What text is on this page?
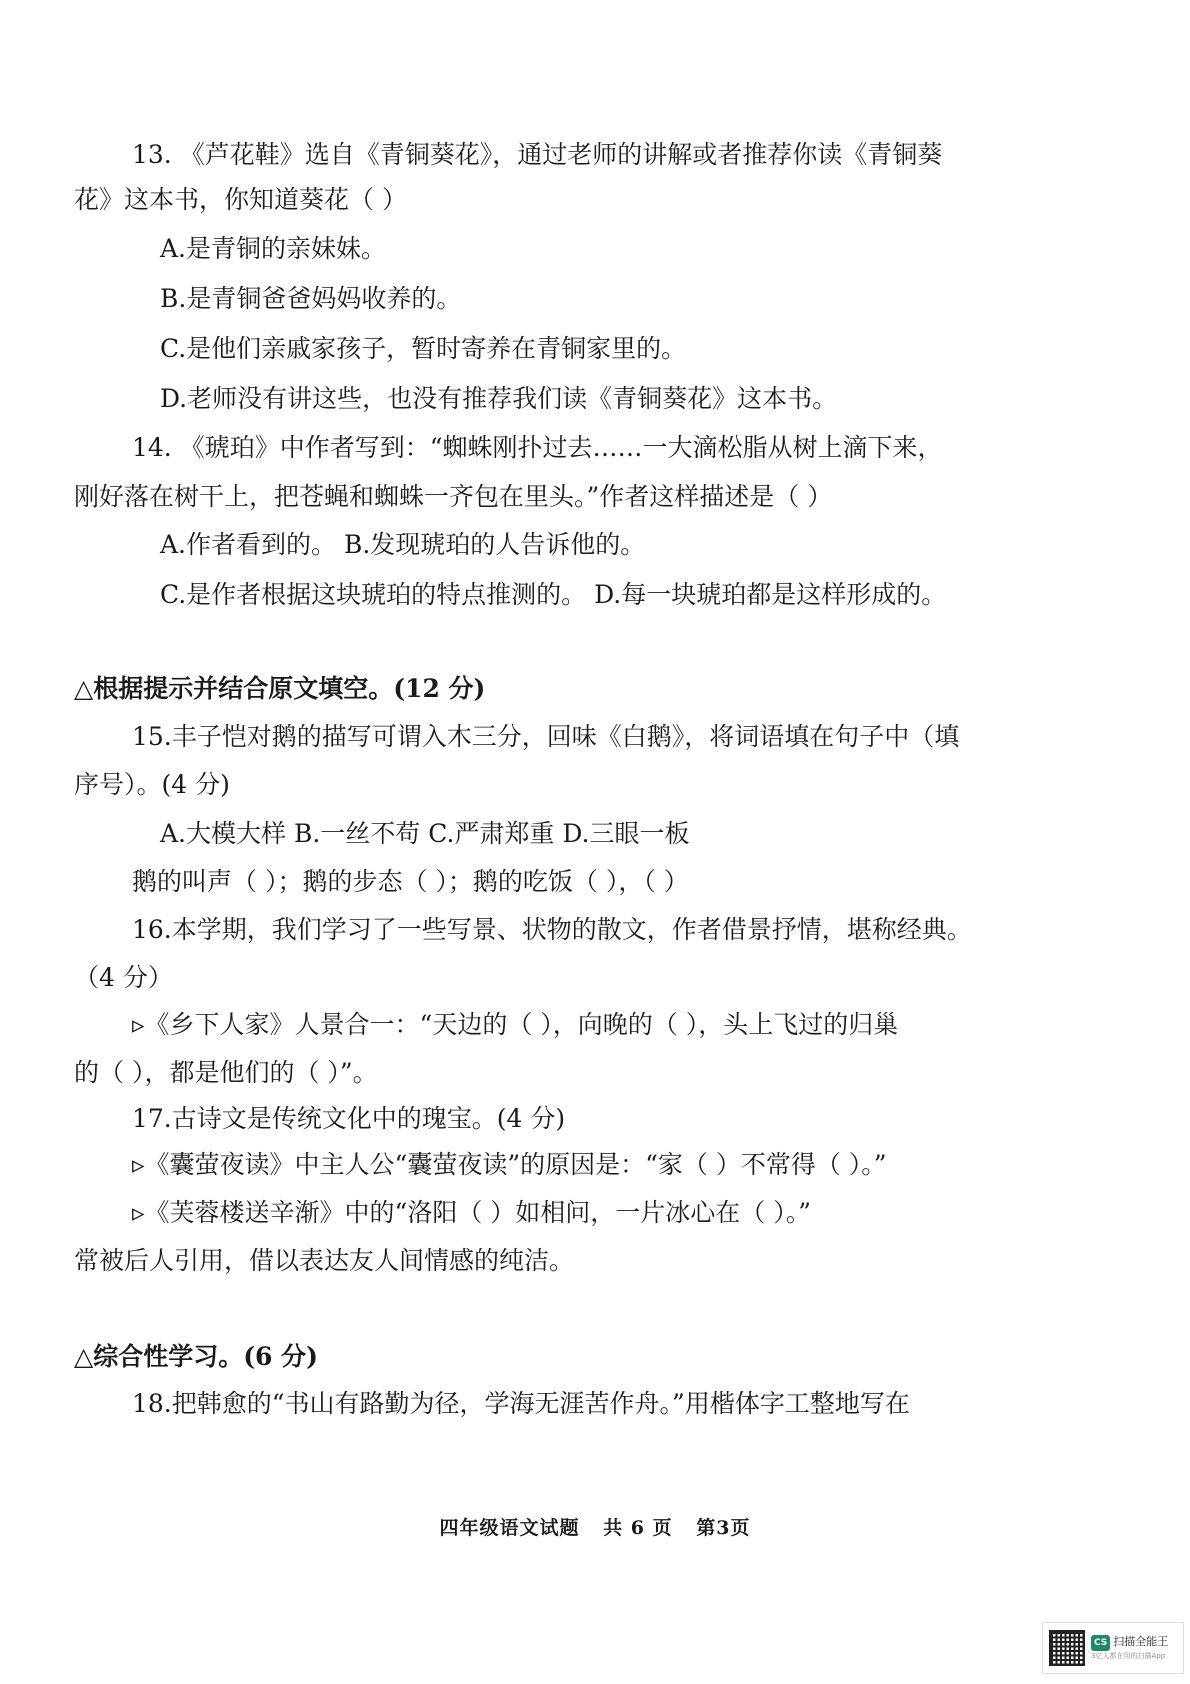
13. 《芦花鞋》选自《青铜葵花》，通过老师的讲解或者推荐你读《青铜葵
花》这本书，你知道葵花（ ）
A.是青铜的亲妹妹。
B.是青铜爸爸妈妈收养的。
C.是他们亲戚家孩子，暂时寄养在青铜家里的。
D.老师没有讲这些，也没有推荐我们读《青铜葵花》这本书。
14. 《琥珀》中作者写到：“蜘蛛刚扑过去……一大滴松脂从树上滴下来，
刚好落在树干上，把苍蝇和蜘蛛一齐包在里头。”作者这样描述是（ ）
A.作者看到的。 B.发现琥珀的人告诉他的。
C.是作者根据这块琥珀的特点推测的。 D.每一块琥珀都是这样形成的。
△根据提示并结合原文填空。(12 分)
15.丰子恺对鹅的描写可谓入木三分，回味《白鹅》，将词语填在句子中（填
序号）。(4 分)
A.大模大样 B.一丝不苟 C.严肃郑重 D.三眼一板
鹅的叫声（ ）；鹅的步态（ ）；鹅的吃饭（ ），（ ）
16.本学期，我们学习了一些写景、状物的散文，作者借景抒情，堪称经典。
（4 分）
▹《乡下人家》人景合一：“天边的（ ），向晚的（ ），头上飞过的归巢
的（ ），都是他们的（ ）”。
17.古诗文是传统文化中的瑰宝。(4 分)
▹《囊萤夜读》中主人公“囊萤夜读”的原因是：“家（ ）不常得（ ）。”
▹《芙蓉楼送辛渐》中的“洛阳（ ）如相问，一片冰心在（ ）。”
常被后人引用，借以表达友人间情感的纯洁。
△综合性学习。(6 分)
18.把韩愈的“书山有路勤为径，学海无涯苦作舟。”用楷体字工整地写在
四年级语文试题 共 6 页 第3页
CS 扫描全能王
3亿人都在用的扫描App
